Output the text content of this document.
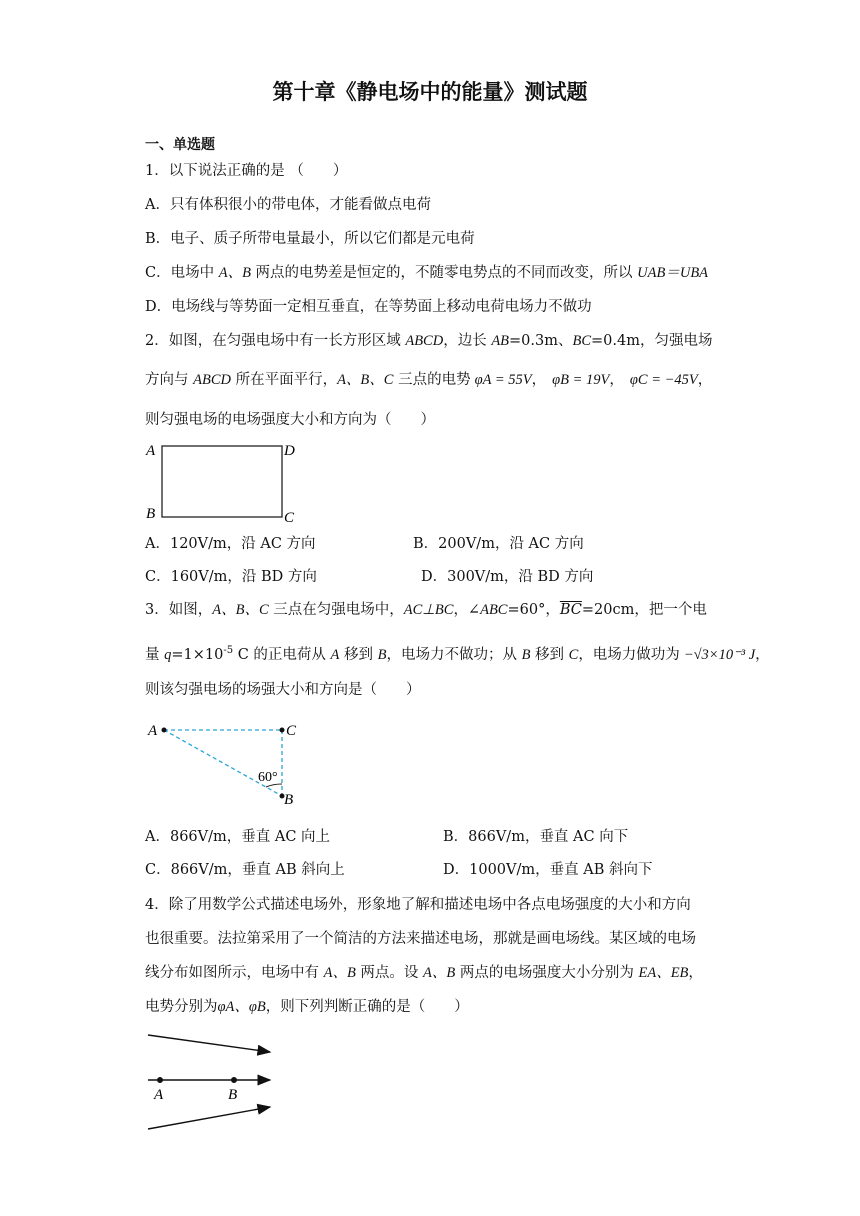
第十章《静电场中的能量》测试题
一、单选题
1．以下说法正确的是 （　　）
A．只有体积很小的带电体，才能看做点电荷
B．电子、质子所带电量最小，所以它们都是元电荷
C．电场中 A、B 两点的电势差是恒定的，不随零电势点的不同而改变，所以 UAB＝UBA
D．电场线与等势面一定相互垂直，在等势面上移动电荷电场力不做功
2．如图，在匀强电场中有一长方形区域 ABCD，边长 AB=0.3m、BC=0.4m，匀强电场
方向与 ABCD 所在平面平行，A、B、C 三点的电势 φA = 55V， φB = 19V， φC = −45V，
则匀强电场的电场强度大小和方向为（　　）
A	D
B	C
A．120V/m，沿 AC 方向	B．200V/m，沿 AC 方向
C．160V/m，沿 BD 方向	D．300V/m，沿 BD 方向
3．如图，A、B、C 三点在匀强电场中，AC⊥BC，∠ABC=60°，$\overline{BC}=20cm$，把一个电
量 $q=1\times 10^{-5}$ C 的正电荷从 A 移到 B，电场力不做功；从 B 移到 C，电场力做功为 −√3×10⁻³ J，
则该匀强电场的场强大小和方向是（　　）
A	C
B
60°
A．866V/m，垂直 AC 向上	B．866V/m，垂直 AC 向下
C．866V/m，垂直 AB 斜向上	D．1000V/m，垂直 AB 斜向下
4．除了用数学公式描述电场外，形象地了解和描述电场中各点电场强度的大小和方向
也很重要。法拉第采用了一个简洁的方法来描述电场，那就是画电场线。某区域的电场
线分布如图所示，电场中有 A、B 两点。设 A、B 两点的电场强度大小分别为 EA、EB，
电势分别为φA、φB，则下列判断正确的是（　　）
A	B
